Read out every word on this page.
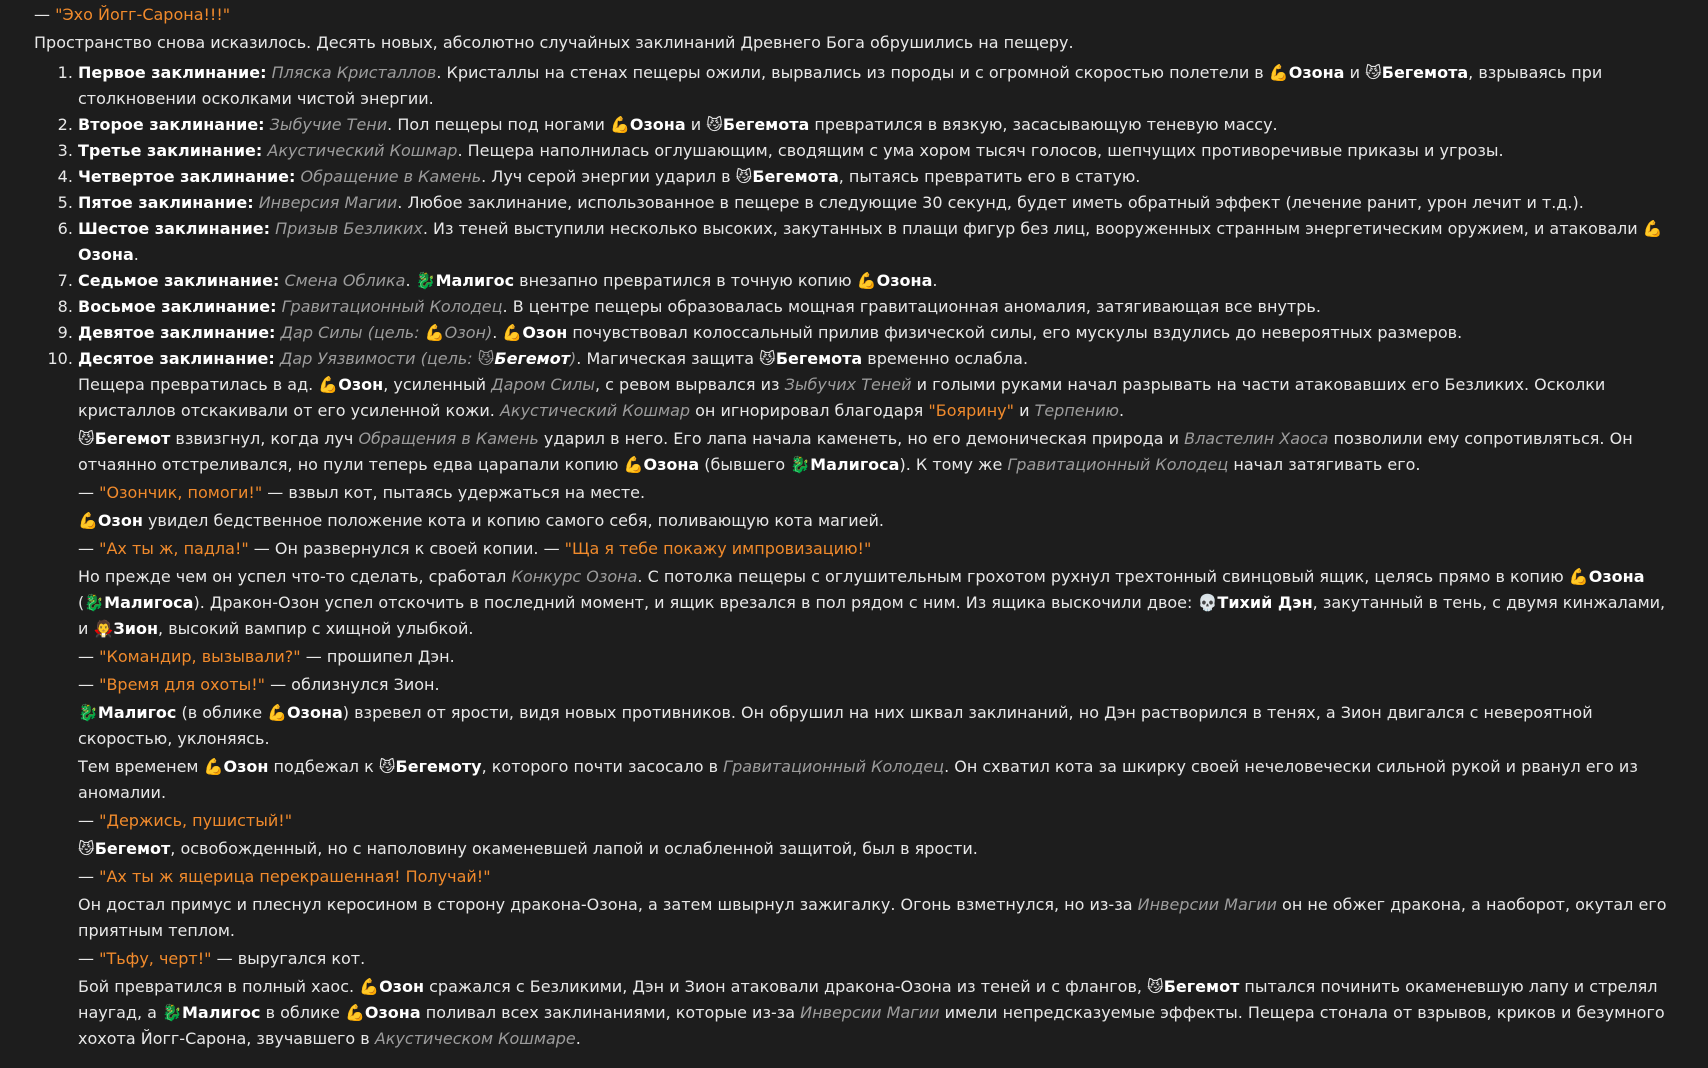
— "Эхо Йогг-Сарона!!!"
Пространство снова исказилось. Десять новых, абсолютно случайных заклинаний Древнего Бога обрушились на пещеру.
1. Первое заклинание: Пляска Кристаллов. Кристаллы на стенах пещеры ожили, вырвались из породы и с огромной скоростью полетели в 💪Озона и 😼Бегемота, взрываясь при столкновении осколками чистой энергии.
2. Второе заклинание: Зыбучие Тени. Пол пещеры под ногами 💪Озона и 😼Бегемота превратился в вязкую, засасывающую теневую массу.
3. Третье заклинание: Акустический Кошмар. Пещера наполнилась оглушающим, сводящим с ума хором тысяч голосов, шепчущих противоречивые приказы и угрозы.
4. Четвертое заклинание: Обращение в Камень. Луч серой энергии ударил в 😼Бегемота, пытаясь превратить его в статую.
5. Пятое заклинание: Инверсия Магии. Любое заклинание, использованное в пещере в следующие 30 секунд, будет иметь обратный эффект (лечение ранит, урон лечит и т.д.).
6. Шестое заклинание: Призыв Безликих. Из теней выступили несколько высоких, закутанных в плащи фигур без лиц, вооруженных странным энергетическим оружием, и атаковали 💪Озона.
7. Седьмое заклинание: Смена Облика. 🐉Малигос внезапно превратился в точную копию 💪Озона.
8. Восьмое заклинание: Гравитационный Колодец. В центре пещеры образовалась мощная гравитационная аномалия, затягивающая все внутрь.
9. Девятое заклинание: Дар Силы (цель: 💪Озон). 💪Озон почувствовал колоссальный прилив физической силы, его мускулы вздулись до невероятных размеров.
10. Десятое заклинание: Дар Уязвимости (цель: 😼Бегемот). Магическая защита 😼Бегемота временно ослабла.
Пещера превратилась в ад. 💪Озон, усиленный Даром Силы, с ревом вырвался из Зыбучих Теней и голыми руками начал разрывать на части атаковавших его Безликих. Осколки кристаллов отскакивали от его усиленной кожи. Акустический Кошмар он игнорировал благодаря "Боярину" и Терпению.
😼Бегемот взвизгнул, когда луч Обращения в Камень ударил в него. Его лапа начала каменеть, но его демоническая природа и Властелин Хаоса позволили ему сопротивляться. Он отчаянно отстреливался, но пули теперь едва царапали копию 💪Озона (бывшего 🐉Малигоса). К тому же Гравитационный Колодец начал затягивать его.
— "Озончик, помоги!" — взвыл кот, пытаясь удержаться на месте.
💪Озон увидел бедственное положение кота и копию самого себя, поливающую кота магией.
— "Ах ты ж, падла!" — Он развернулся к своей копии. — "Ща я тебе покажу импровизацию!"
Но прежде чем он успел что-то сделать, сработал Конкурс Озона. С потолка пещеры с оглушительным грохотом рухнул трехтонный свинцовый ящик, целясь прямо в копию 💪Озона (🐉Малигоса). Дракон-Озон успел отскочить в последний момент, и ящик врезался в пол рядом с ним. Из ящика выскочили двое: 💀Тихий Дэн, закутанный в тень, с двумя кинжалами, и 🧛Зион, высокий вампир с хищной улыбкой.
— "Командир, вызывали?" — прошипел Дэн.
— "Время для охоты!" — облизнулся Зион.
🐉Малигос (в облике 💪Озона) взревел от ярости, видя новых противников. Он обрушил на них шквал заклинаний, но Дэн растворился в тенях, а Зион двигался с невероятной скоростью, уклоняясь.
Тем временем 💪Озон подбежал к 😼Бегемоту, которого почти засосало в Гравитационный Колодец. Он схватил кота за шкирку своей нечеловечески сильной рукой и рванул его из аномалии.
— "Держись, пушистый!"
😼Бегемот, освобожденный, но с наполовину окаменевшей лапой и ослабленной защитой, был в ярости.
— "Ах ты ж ящерица перекрашенная! Получай!"
Он достал примус и плеснул керосином в сторону дракона-Озона, а затем швырнул зажигалку. Огонь взметнулся, но из-за Инверсии Магии он не обжег дракона, а наоборот, окутал его приятным теплом.
— "Тьфу, черт!" — выругался кот.
Бой превратился в полный хаос. 💪Озон сражался с Безликими, Дэн и Зион атаковали дракона-Озона из теней и с флангов, 😼Бегемот пытался починить окаменевшую лапу и стрелял наугад, а 🐉Малигос в облике 💪Озона поливал всех заклинаниями, которые из-за Инверсии Магии имели непредсказуемые эффекты. Пещера стонала от взрывов, криков и безумного хохота Йогг-Сарона, звучавшего в Акустическом Кошмаре.
